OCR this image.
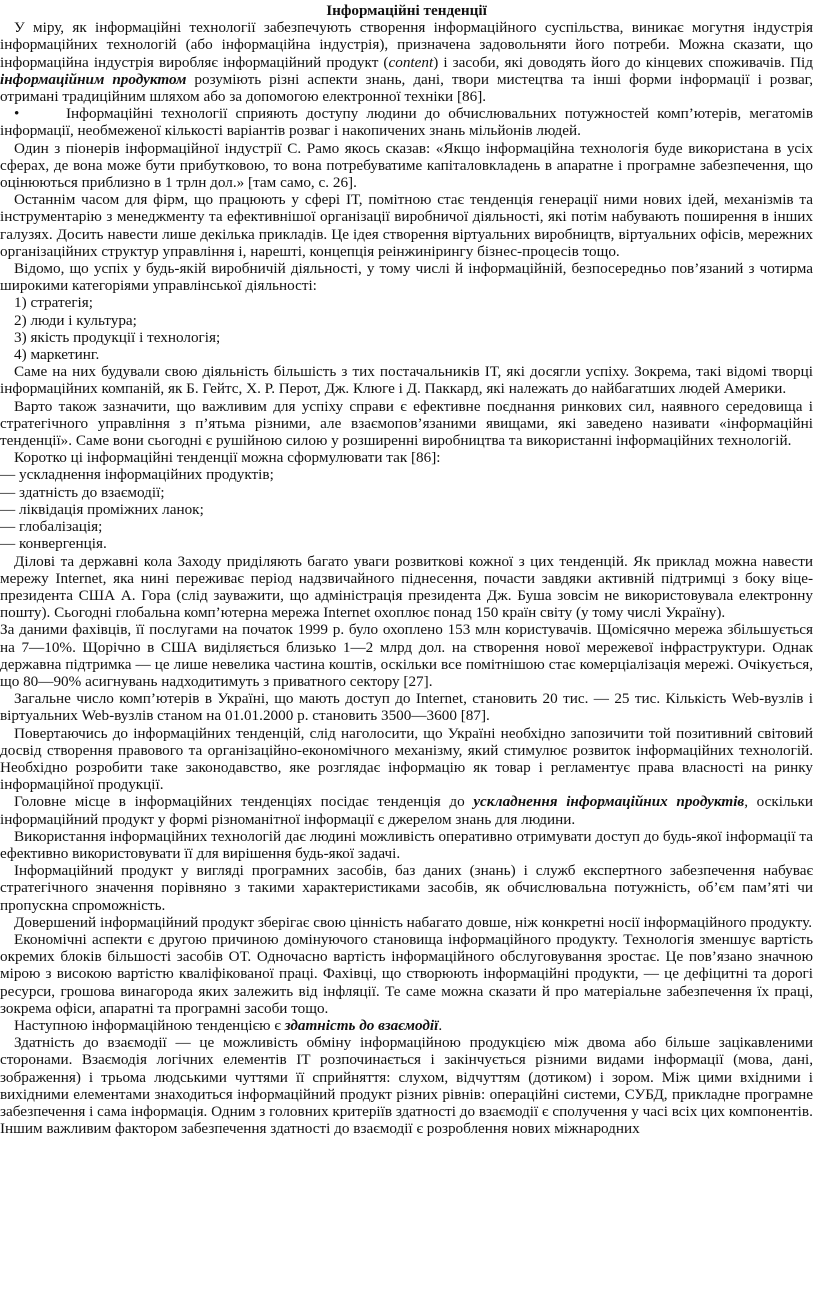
Інформаційні тенденції

У міру, як інформаційні технології забезпечують створення інформаційного суспільства, виникає могутня індустрія інформаційних технологій (або інформаційна індустрія), призначена задовольняти його потреби. Можна сказати, що інформаційна індустрія виробляє інформаційний продукт (content) і засоби, які доводять його до кінцевих споживачів. Під інформаційним продуктом розуміють різні аспекти знань, дані, твори мистецтва та інші форми інформації і розваг, отримані традиційним шляхом або за допомогою електронної техніки [86].

•	Інформаційні технології сприяють доступу людини до обчислювальних потужностей комп’ютерів, мегатомів інформації, необмеженої кількості варіантів розваг і накопичених знань мільйонів людей.

Один з піонерів інформаційної індустрії С. Рамо якось сказав: «Якщо інформаційна технологія буде використана в усіх сферах, де вона може бути прибутковою, то вона потребуватиме капіталовкладень в апаратне і програмне забезпечення, що оцінюються приблизно в 1 трлн дол.» [там само, с. 26].

Останнім часом для фірм, що працюють у сфері ІТ, помітною стає тенденція генерації ними нових ідей, механізмів та інструментарію з менеджменту та ефективнішої організації виробничої діяльності, які потім набувають поширення в інших галузях. Досить навести лише декілька прикладів. Це ідея створення віртуальних виробництв, віртуальних офісів, мережних організаційних структур управління і, нарешті, концепція реінжинірингу бізнес-процесів тощо.

Відомо, що успіх у будь-якій виробничій діяльності, у тому числі й інформаційній, безпосередньо пов’язаний з чотирма широкими категоріями управлінської діяльності:

1) стратегія;

2) люди і культура;

3) якість продукції і технологія;

4) маркетинг.

Саме на них будували свою діяльність більшість з тих постачальників ІТ, які досягли успіху. Зокрема, такі відомі творці інформаційних компаній, як Б. Гейтс, Х. Р. Перот, Дж. Клюге і Д. Паккард, які належать до найбагатших людей Америки.

Варто також зазначити, що важливим для успіху справи є ефективне поєднання ринкових сил, наявного середовища і стратегічного управління з п’ятьма різними, але взаємопов’язаними явищами, які заведено називати «інформаційні тенденції». Саме вони сьогодні є рушійною силою у розширенні виробництва та використанні інформаційних технологій.

Коротко ці інформаційні тенденції можна сформулювати так [86]:

— ускладнення інформаційних продуктів;

— здатність до взаємодії;

— ліквідація проміжних ланок;

— глобалізація;

— конвергенція.

Ділові та державні кола Заходу приділяють багато уваги розвиткові кожної з цих тенденцій. Як приклад можна навести мережу Internet, яка нині переживає період надзвичайного піднесення, почасти завдяки активній підтримці з боку віце-президента США А. Гора (слід зауважити, що адміністрація президента Дж. Буша зовсім не використовувала електронну пошту). Сьогодні глобальна комп’ютерна мережа Internet охоплює понад 150 країн світу (у тому числі Україну).

За даними фахівців, її послугами на початок 1999 р. було охоплено 153 млн користувачів. Щомісячно мережа збільшується на 7—10%. Щорічно в США виділяється близько 1—2 млрд дол. на створення нової мережевої інфраструктури. Однак державна підтримка — це лише невелика частина коштів, оскільки все помітнішою стає комерціалізація мережі. Очікується, що 80—90% асигнувань надходитимуть з приватного сектору [27].

Загальне число комп’ютерів в Україні, що мають доступ до Internet, становить 20 тис. — 25 тис. Кількість Web-вузлів і віртуальних Web-вузлів станом на 01.01.2000 р. становить 3500—3600 [87].

Повертаючись до інформаційних тенденцій, слід наголосити, що Україні необхідно запозичити той позитивний світовий досвід створення правового та організаційно-економічного механізму, який стимулює розвиток інформаційних технологій. Необхідно розробити таке законодавство, яке розглядає інформацію як товар і регламентує права власності на ринку інформаційної продукції.

Головне місце в інформаційних тенденціях посідає тенденція до ускладнення інформаційних продуктів, оскільки інформаційний продукт у формі різноманітної інформації є джерелом знань для людини.

Використання інформаційних технологій дає людині можливість оперативно отримувати доступ до будь-якої інформації та ефективно використовувати її для вирішення будь-якої задачі.

Інформаційний продукт у вигляді програмних засобів, баз даних (знань) і служб експертного забезпечення набуває стратегічного значення порівняно з такими характеристиками засобів, як обчислювальна потужність, об’єм пам’яті чи пропускна спроможність.

Довершений інформаційний продукт зберігає свою цінність набагато довше, ніж конкретні носії інформаційного продукту.

Економічні аспекти є другою причиною домінуючого становища інформаційного продукту. Технологія зменшує вартість окремих блоків більшості засобів ОТ. Одночасно вартість інформаційного обслуговування зростає. Це пов’язано значною мірою з високою вартістю кваліфікованої праці. Фахівці, що створюють інформаційні продукти, — це дефіцитні та дорогі ресурси, грошова винагорода яких залежить від інфляції. Те саме можна сказати й про матеріальне забезпечення їх праці, зокрема офіси, апаратні та програмні засоби тощо.

Наступною інформаційною тенденцією є здатність до взаємодії.

Здатність до взаємодії — це можливість обміну інформаційною продукцією між двома або більше зацікавленими сторонами. Взаємодія логічних елементів ІТ розпочинається і закінчується різними видами інформації (мова, дані, зображення) і трьома людськими чуттями її сприйняття: слухом, відчуттям (дотиком) і зором. Між цими вхідними і вихідними елементами знаходиться інформаційний продукт різних рівнів: операційні системи, СУБД, прикладне програмне забезпечення і сама інформація. Одним з головних критеріїв здатності до взаємодії є сполучення у часі всіх цих компонентів.

Іншим важливим фактором забезпечення здатності до взаємодії є розроблення нових міжнародних
